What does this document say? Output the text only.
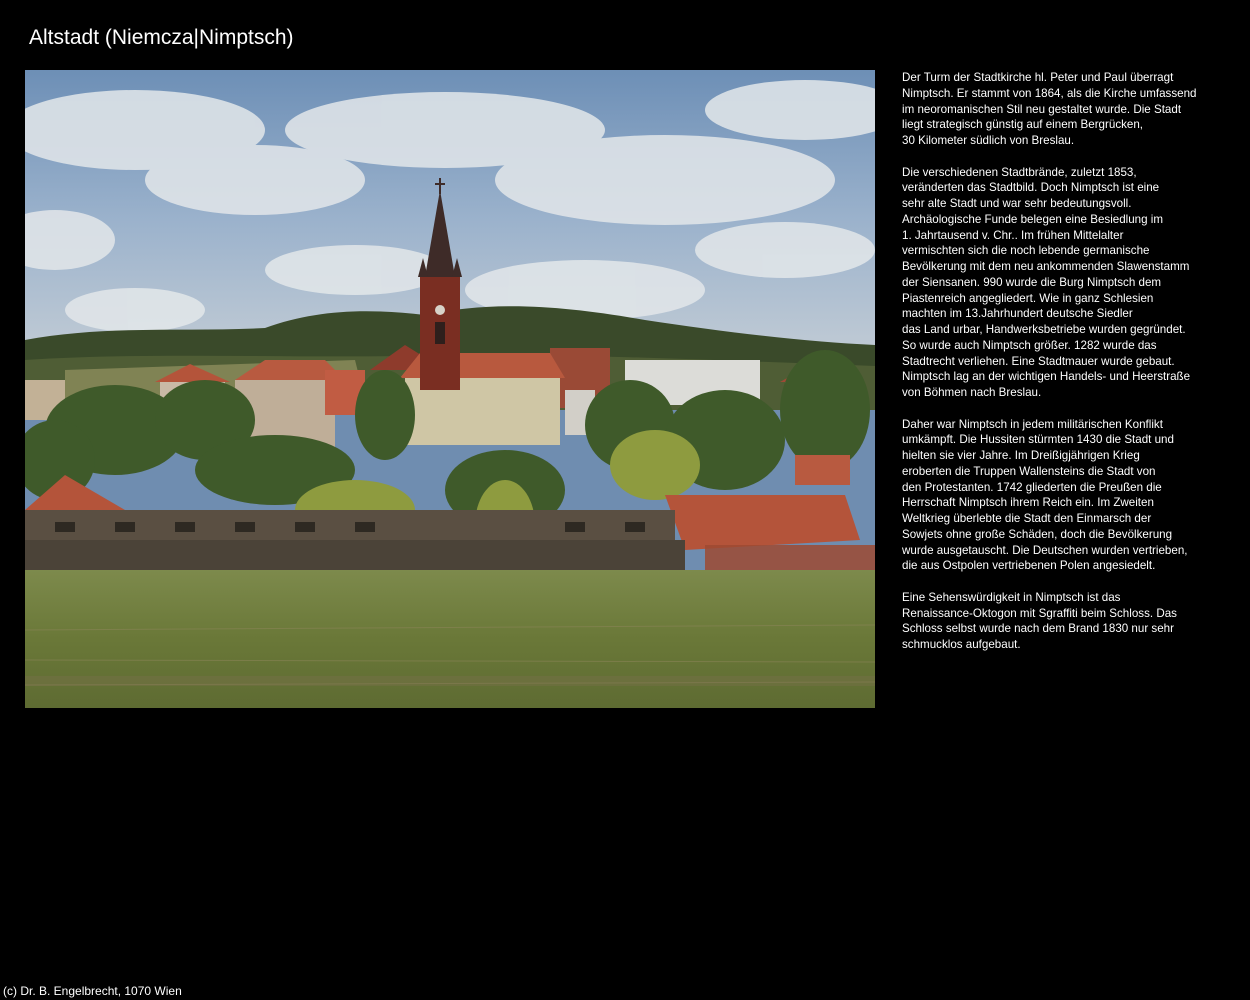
Altstadt (Niemcza|Nimptsch)

Der Turm der Stadtkirche hl. Peter und Paul überragt
Nimptsch. Er stammt von 1864, als die Kirche umfassend
im neoromanischen Stil neu gestaltet wurde. Die Stadt
liegt strategisch günstig auf einem Bergrücken,
30 Kilometer südlich von Breslau.

Die verschiedenen Stadtbrände, zuletzt 1853,
veränderten das Stadtbild. Doch Nimptsch ist eine
sehr alte Stadt und war sehr bedeutungsvoll.
Archäologische Funde belegen eine Besiedlung im
1. Jahrtausend v. Chr.. Im frühen Mittelalter
vermischten sich die noch lebende germanische
Bevölkerung mit dem neu ankommenden Slawenstamm
der Siensanen. 990 wurde die Burg Nimptsch dem
Piastenreich angegliedert. Wie in ganz Schlesien
machten im 13.Jahrhundert deutsche Siedler
das Land urbar, Handwerksbetriebe wurden gegründet.
So wurde auch Nimptsch größer. 1282 wurde das
Stadtrecht verliehen. Eine Stadtmauer wurde gebaut.
Nimptsch lag an der wichtigen Handels- und Heerstraße
von Böhmen nach Breslau.

Daher war Nimptsch in jedem militärischen Konflikt
umkämpft. Die Hussiten stürmten 1430 die Stadt und
hielten sie vier Jahre. Im Dreißigjährigen Krieg
eroberten die Truppen Wallensteins die Stadt von
den Protestanten. 1742 gliederten die Preußen die
Herrschaft Nimptsch ihrem Reich ein. Im Zweiten
Weltkrieg überlebte die Stadt den Einmarsch der
Sowjets ohne große Schäden, doch die Bevölkerung
wurde ausgetauscht. Die Deutschen wurden vertrieben,
die aus Ostpolen vertriebenen Polen angesiedelt.

Eine Sehenswürdigkeit in Nimptsch ist das
Renaissance-Oktogon mit Sgraffiti beim Schloss. Das
Schloss selbst wurde nach dem Brand 1830 nur sehr
schmucklos aufgebaut.

(c) Dr. B. Engelbrecht, 1070 Wien
